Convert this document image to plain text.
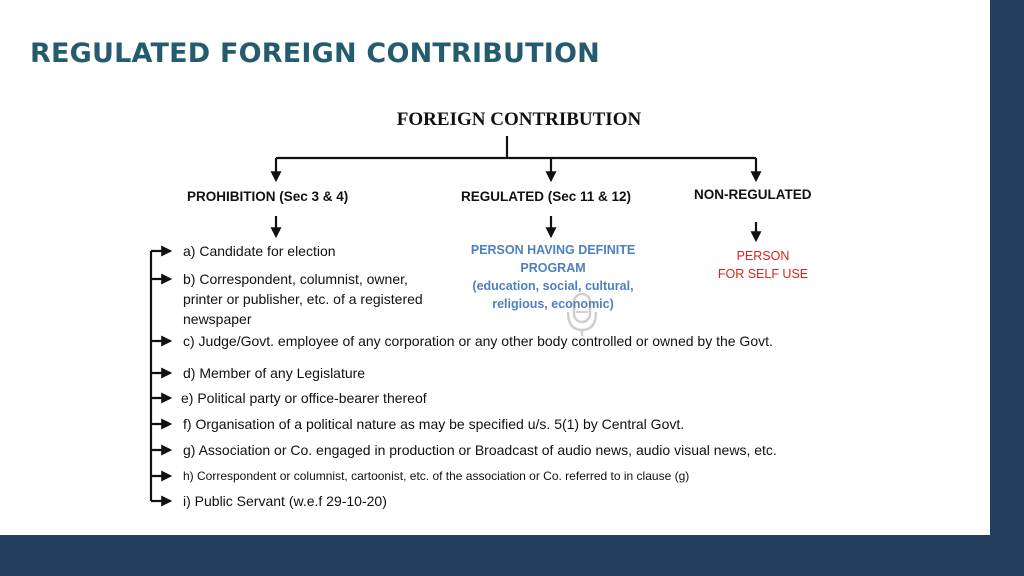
REGULATED FOREIGN CONTRIBUTION
FOREIGN CONTRIBUTION
PROHIBITION (Sec 3 & 4)	REGULATED (Sec 11 & 12)	NON-REGULATED
PERSON HAVING DEFINITE
PROGRAM
(education, social, cultural,
religious, economic)
PERSON
FOR SELF USE
a) Candidate for election
b) Correspondent, columnist, owner, printer or publisher, etc. of a registered newspaper
c) Judge/Govt. employee of any corporation or any other body controlled or owned by the Govt.
d) Member of any Legislature
e) Political party or office-bearer thereof
f) Organisation of a political nature as may be specified u/s. 5(1) by Central Govt.
g) Association or Co. engaged in production or Broadcast of audio news, audio visual news, etc.
h) Correspondent or columnist, cartoonist, etc. of the association or Co. referred to in clause (g)
i) Public Servant (w.e.f 29-10-20)
